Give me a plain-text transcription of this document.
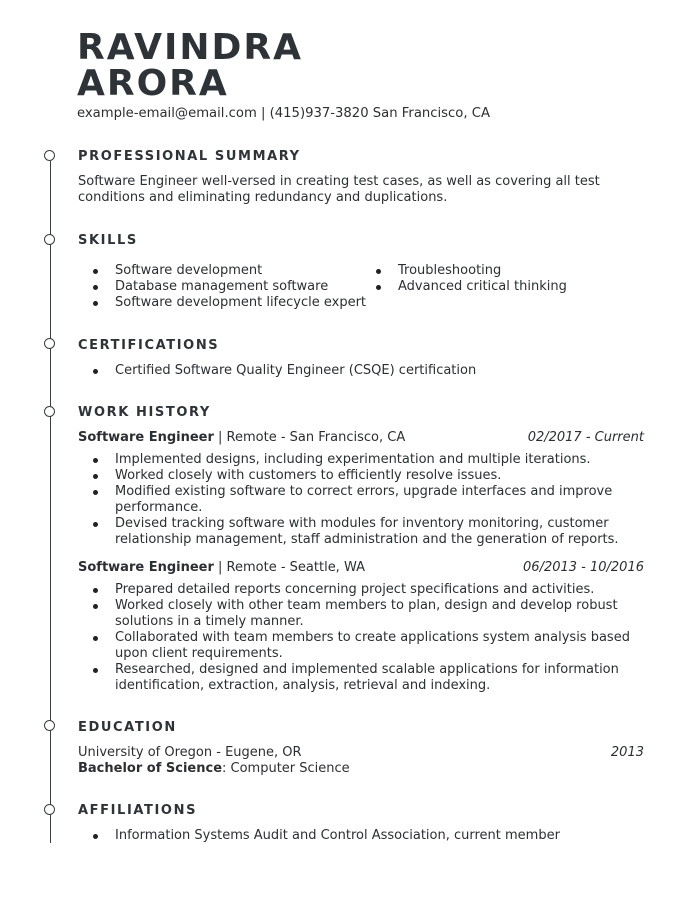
RAVINDRA
ARORA
example-email@email.com | (415)937-3820 San Francisco, CA
PROFESSIONAL SUMMARY
Software Engineer well-versed in creating test cases, as well as covering all test
conditions and eliminating redundancy and duplications.
SKILLS
Software development
Database management software
Software development lifecycle expert
Troubleshooting
Advanced critical thinking
CERTIFICATIONS
Certified Software Quality Engineer (CSQE) certification
WORK HISTORY
Software Engineer | Remote - San Francisco, CA	02/2017 - Current
Implemented designs, including experimentation and multiple iterations.
Worked closely with customers to efficiently resolve issues.
Modified existing software to correct errors, upgrade interfaces and improve
performance.
Devised tracking software with modules for inventory monitoring, customer
relationship management, staff administration and the generation of reports.
Software Engineer | Remote - Seattle, WA	06/2013 - 10/2016
Prepared detailed reports concerning project specifications and activities.
Worked closely with other team members to plan, design and develop robust
solutions in a timely manner.
Collaborated with team members to create applications system analysis based
upon client requirements.
Researched, designed and implemented scalable applications for information
identification, extraction, analysis, retrieval and indexing.
EDUCATION
University of Oregon - Eugene, OR	2013
Bachelor of Science: Computer Science
AFFILIATIONS
Information Systems Audit and Control Association, current member
